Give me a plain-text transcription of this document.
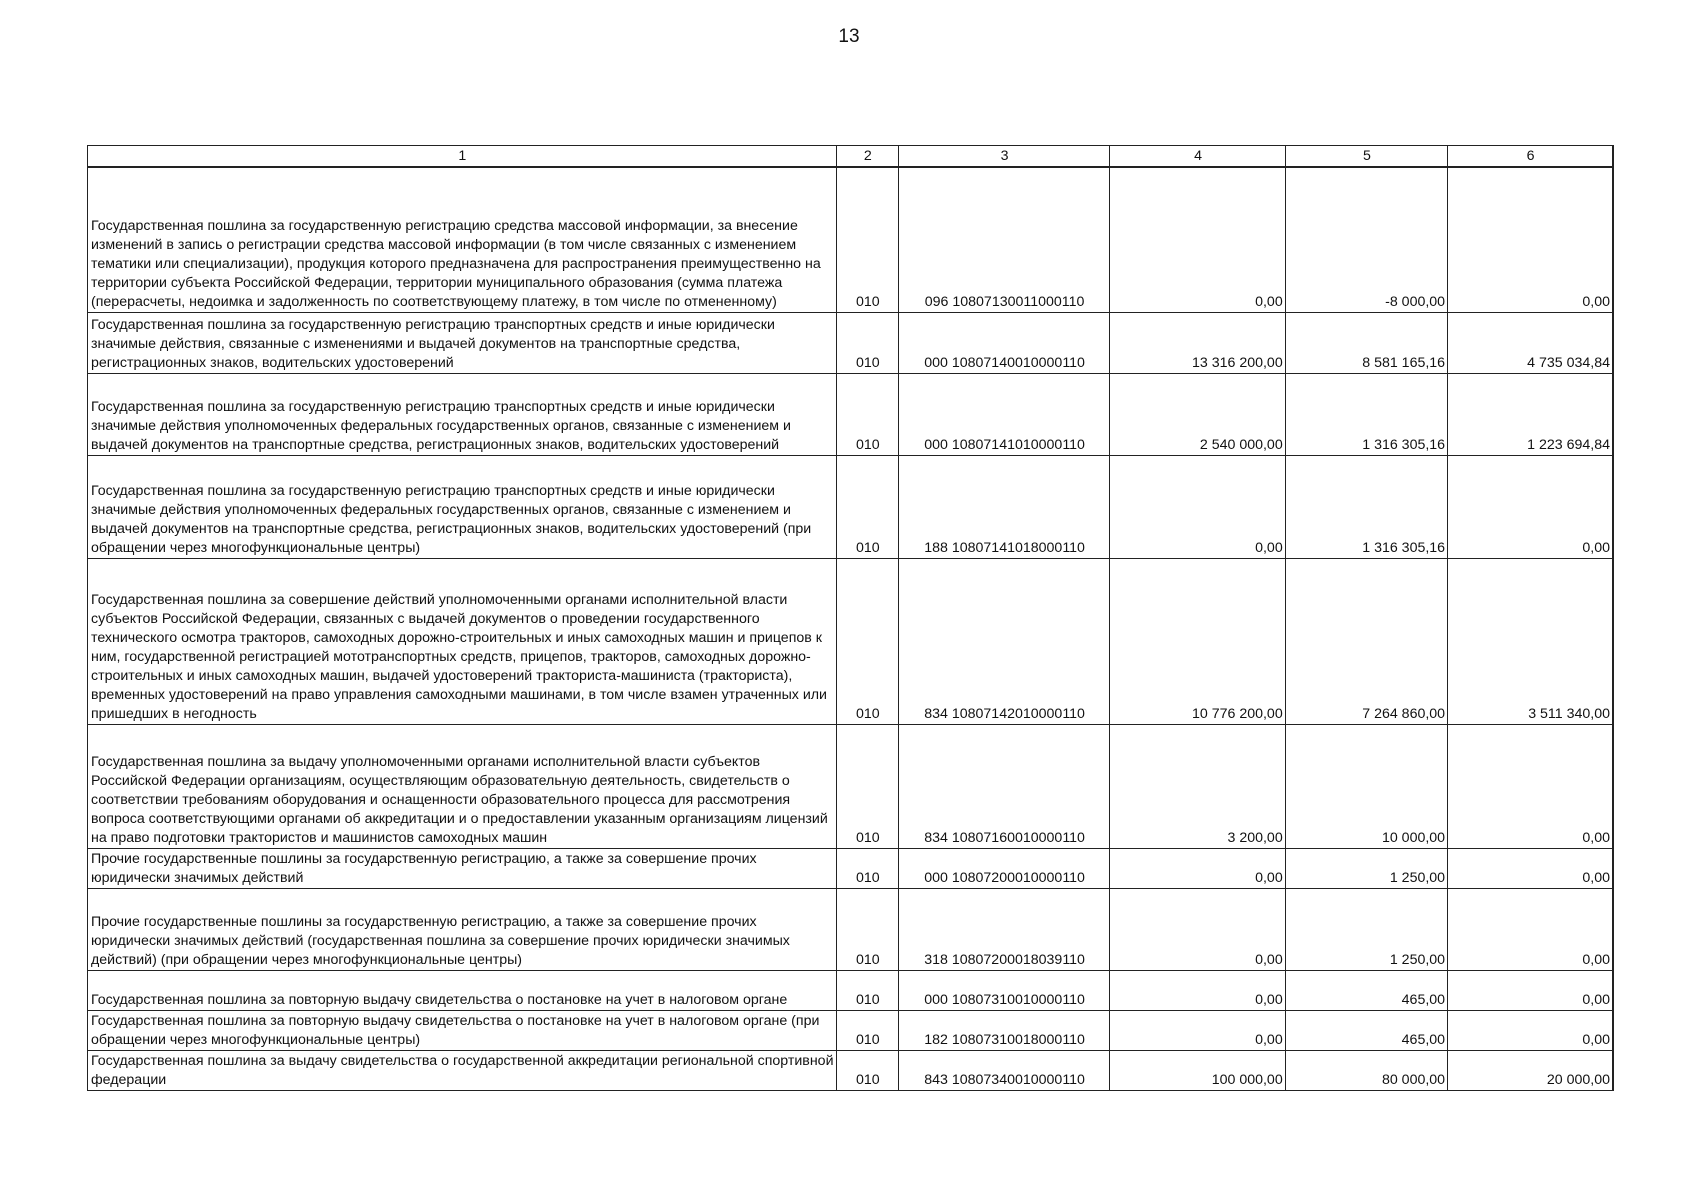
13
1	2	3	4	5	6
Государственная пошлина за государственную регистрацию средства массовой информации, за внесение изменений в запись о регистрации средства массовой информации (в том числе связанных с изменением тематики или специализации), продукция которого предназначена для распространения преимущественно на территории субъекта Российской Федерации, территории муниципального образования (сумма платежа (перерасчеты, недоимка и задолженность по соответствующему платежу, в том числе по отмененному)	010	096 10807130011000110	0,00	-8 000,00	0,00
Государственная пошлина за государственную регистрацию транспортных средств и иные юридически значимые действия, связанные с изменениями и выдачей документов на транспортные средства, регистрационных знаков, водительских удостоверений	010	000 10807140010000110	13 316 200,00	8 581 165,16	4 735 034,84
Государственная пошлина за государственную регистрацию транспортных средств и иные юридически значимые действия уполномоченных федеральных государственных органов, связанные с изменением и выдачей документов на транспортные средства, регистрационных знаков, водительских удостоверений	010	000 10807141010000110	2 540 000,00	1 316 305,16	1 223 694,84
Государственная пошлина за государственную регистрацию транспортных средств и иные юридически значимые действия уполномоченных федеральных государственных органов, связанные с изменением и выдачей документов на транспортные средства, регистрационных знаков, водительских удостоверений (при обращении через многофункциональные центры)	010	188 10807141018000110	0,00	1 316 305,16	0,00
Государственная пошлина за совершение действий уполномоченными органами исполнительной власти субъектов Российской Федерации, связанных с выдачей документов о проведении государственного технического осмотра тракторов, самоходных дорожно-строительных и иных самоходных машин и прицепов к ним, государственной регистрацией мототранспортных средств, прицепов, тракторов, самоходных дорожно-строительных и иных самоходных машин, выдачей удостоверений тракториста-машиниста (тракториста), временных удостоверений на право управления самоходными машинами, в том числе взамен утраченных или пришедших в негодность	010	834 10807142010000110	10 776 200,00	7 264 860,00	3 511 340,00
Государственная пошлина за выдачу уполномоченными органами исполнительной власти субъектов Российской Федерации организациям, осуществляющим образовательную деятельность, свидетельств о соответствии требованиям оборудования и оснащенности образовательного процесса для рассмотрения вопроса соответствующими органами об аккредитации и о предоставлении указанным организациям лицензий на право подготовки трактористов и машинистов самоходных машин	010	834 10807160010000110	3 200,00	10 000,00	0,00
Прочие государственные пошлины за государственную регистрацию, а также за совершение прочих юридически значимых действий	010	000 10807200010000110	0,00	1 250,00	0,00
Прочие государственные пошлины за государственную регистрацию, а также за совершение прочих юридически значимых действий (государственная пошлина за совершение прочих юридически значимых действий) (при обращении через многофункциональные центры)	010	318 10807200018039110	0,00	1 250,00	0,00
Государственная пошлина за повторную выдачу свидетельства о постановке на учет в налоговом органе	010	000 10807310010000110	0,00	465,00	0,00
Государственная пошлина за повторную выдачу свидетельства о постановке на учет в налоговом органе (при обращении через многофункциональные центры)	010	182 10807310018000110	0,00	465,00	0,00
Государственная пошлина за выдачу свидетельства о государственной аккредитации региональной спортивной федерации	010	843 10807340010000110	100 000,00	80 000,00	20 000,00
